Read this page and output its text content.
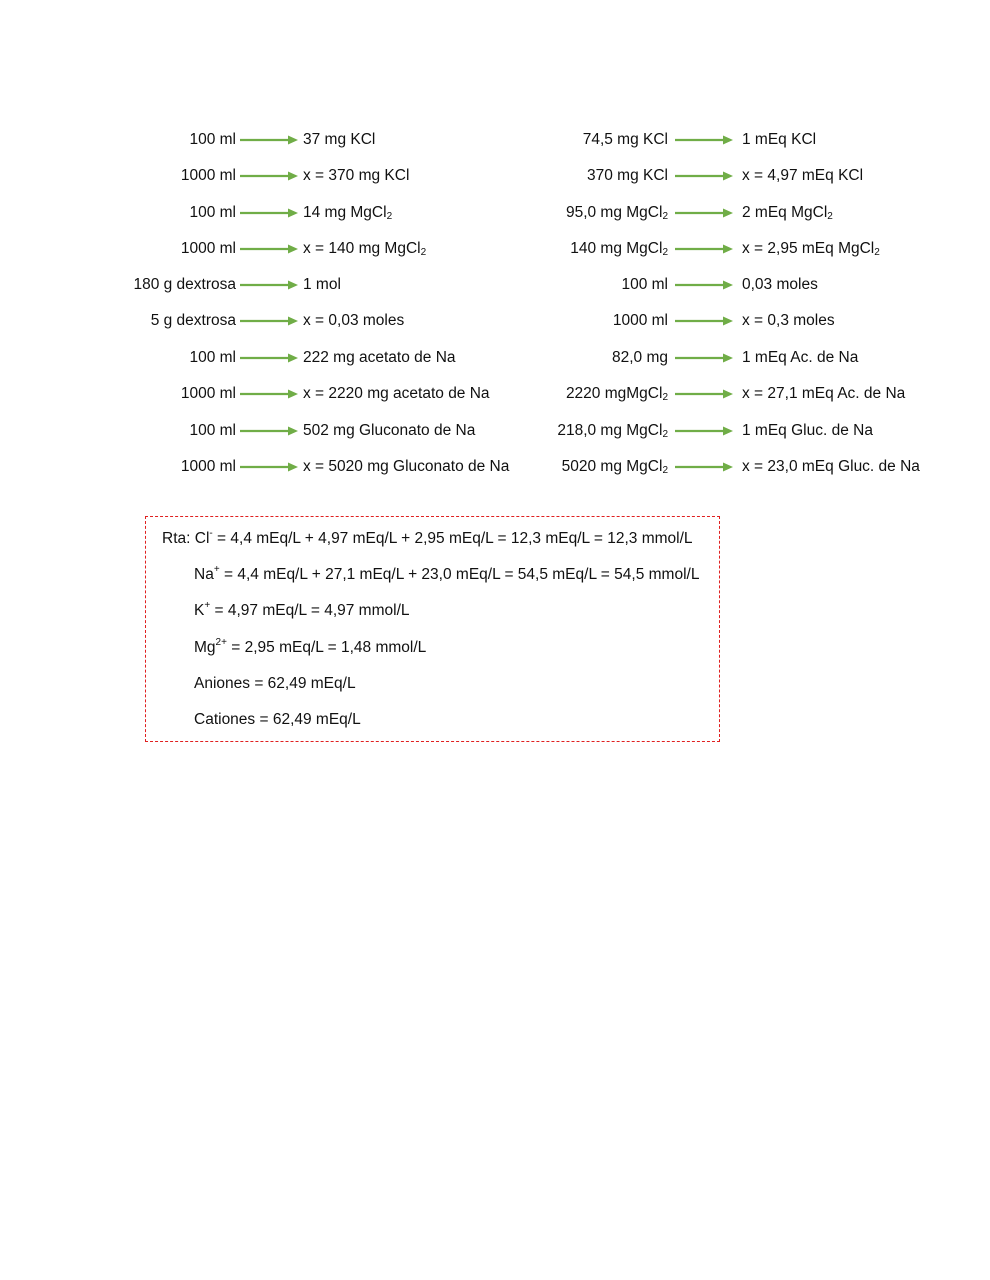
100 ml	37 mg KCl
1000 ml	x = 370 mg KCl
100 ml	14 mg MgCl$_2$
1000 ml	x = 140 mg MgCl$_2$
180 g dextrosa	1 mol
5 g dextrosa	x = 0,03 moles
100 ml	222 mg acetato de Na
1000 ml	x = 2220 mg acetato de Na
100 ml	502 mg Gluconato de Na
1000 ml	x = 5020 mg Gluconato de Na
74,5 mg KCl	1 mEq KCl
370 mg KCl	x = 4,97 mEq KCl
95,0 mg MgCl$_2$	2 mEq MgCl$_2$
140 mg MgCl$_2$	x = 2,95 mEq MgCl$_2$
100 ml	0,03 moles
1000 ml	x = 0,3 moles
82,0 mg	1 mEq Ac. de Na
2220 mgMgCl$_2$	x = 27,1 mEq Ac. de Na
218,0 mg MgCl$_2$	1 mEq Gluc. de Na
5020 mg MgCl$_2$	x = 23,0 mEq Gluc. de Na
Rta: Cl- = 4,4 mEq/L + 4,97 mEq/L + 2,95 mEq/L = 12,3 mEq/L = 12,3 mmol/L
Na+ = 4,4 mEq/L + 27,1 mEq/L + 23,0 mEq/L = 54,5 mEq/L = 54,5 mmol/L
K+ = 4,97 mEq/L = 4,97 mmol/L
$Mg^{2+} = 2,95$ mEq/L = 1,48 mmol/L
Aniones = 62,49 mEq/L
Cationes = 62,49 mEq/L
